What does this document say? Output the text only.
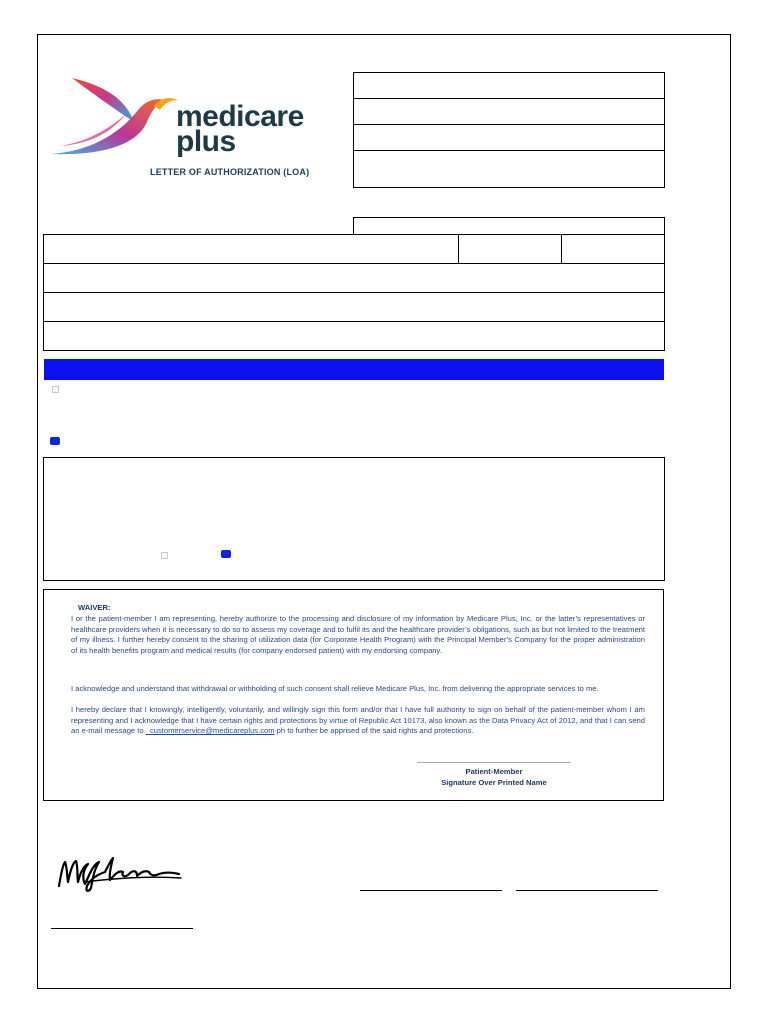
medicare
plus
LETTER OF AUTHORIZATION (LOA)
WAIVER:
I or the patient-member I am representing, hereby authorize to the processing and disclosure of my information by Medicare Plus, Inc. or the latter’s representatives or healthcare providers when it is necessary to do so to assess my coverage and to fulfil its and the healthcare provider’s obligations, such as but not limited to the treatment of my illness. I further hereby consent to the sharing of utilization data (for Corporate Health Program) with the Principal Member’s Company for the proper administration of its health benefits program and medical results (for company endorsed patient) with my endorsing company.
I acknowledge and understand that withdrawal or withholding of such consent shall relieve Medicare Plus, Inc. from delivering the appropriate services to me.
I hereby declare that I knowingly, intelligently, voluntarily, and willingly sign this form and/or that I have full authority to sign on behalf of the patient-member whom I am representing and I acknowledge that I have certain rights and protections by virtue of Republic Act 10173, also known as the Data Privacy Act of 2012, and that I can send an e-mail message to _customerservice@medicareplus.com ph to further be apprised of the said rights and protections.
Patient-Member
Signature Over Printed Name
